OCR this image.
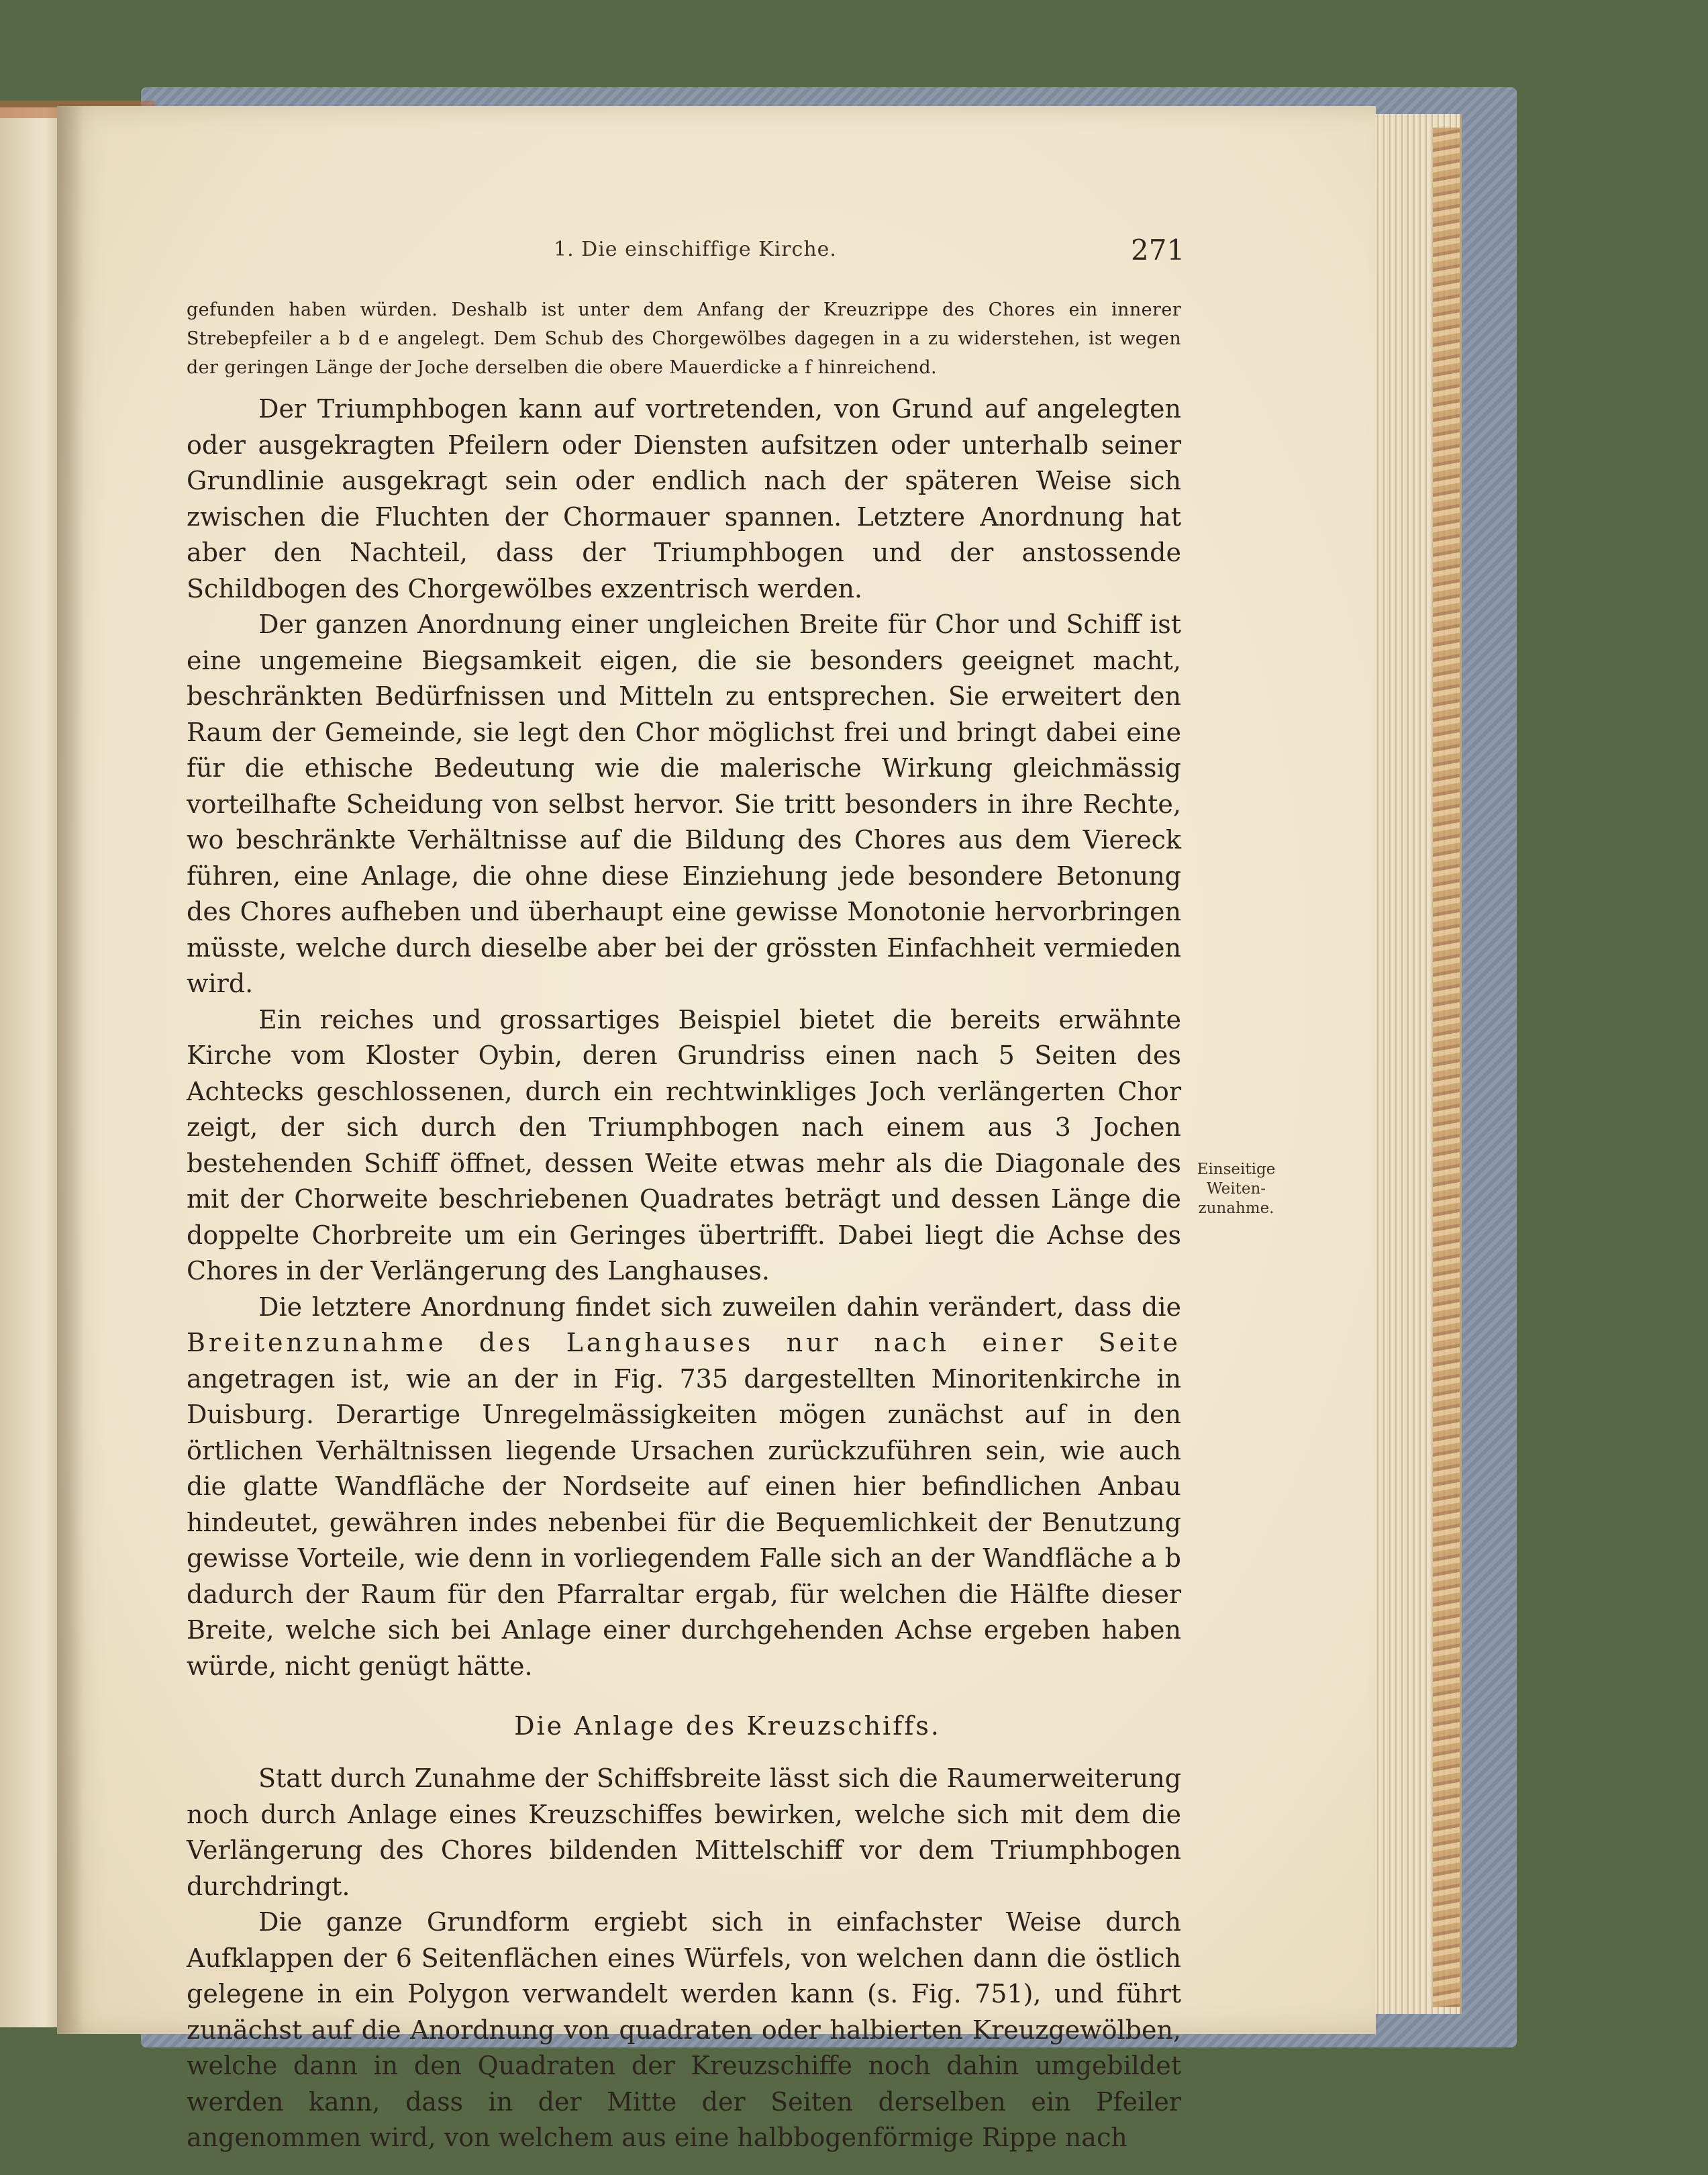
1. Die einschiffige Kirche.	271

gefunden haben würden. Deshalb ist unter dem Anfang der Kreuzrippe des Chores ein innerer Strebepfeiler a b d e angelegt. Dem Schub des Chorgewölbes dagegen in a zu widerstehen, ist wegen der geringen Länge der Joche derselben die obere Mauerdicke a f hinreichend.

Der Triumphbogen kann auf vortretenden, von Grund auf angelegten oder ausgekragten Pfeilern oder Diensten aufsitzen oder unterhalb seiner Grundlinie ausgekragt sein oder endlich nach der späteren Weise sich zwischen die Fluchten der Chormauer spannen. Letztere Anordnung hat aber den Nachteil, dass der Triumphbogen und der anstossende Schildbogen des Chorgewölbes exzentrisch werden.

Der ganzen Anordnung einer ungleichen Breite für Chor und Schiff ist eine ungemeine Biegsamkeit eigen, die sie besonders geeignet macht, beschränkten Bedürfnissen und Mitteln zu entsprechen. Sie erweitert den Raum der Gemeinde, sie legt den Chor möglichst frei und bringt dabei eine für die ethische Bedeutung wie die malerische Wirkung gleichmässig vorteilhafte Scheidung von selbst hervor. Sie tritt besonders in ihre Rechte, wo beschränkte Verhältnisse auf die Bildung des Chores aus dem Viereck führen, eine Anlage, die ohne diese Einziehung jede besondere Betonung des Chores aufheben und überhaupt eine gewisse Monotonie hervorbringen müsste, welche durch dieselbe aber bei der grössten Einfachheit vermieden wird.

Ein reiches und grossartiges Beispiel bietet die bereits erwähnte Kirche vom Kloster Oybin, deren Grundriss einen nach 5 Seiten des Achtecks geschlossenen, durch ein rechtwinkliges Joch verlängerten Chor zeigt, der sich durch den Triumphbogen nach einem aus 3 Jochen bestehenden Schiff öffnet, dessen Weite etwas mehr als die Diagonale des mit der Chorweite beschriebenen Quadrates beträgt und dessen Länge die doppelte Chorbreite um ein Geringes übertrifft. Dabei liegt die Achse des Chores in der Verlängerung des Langhauses.

Die letztere Anordnung findet sich zuweilen dahin verändert, dass die Breitenzunahme des Langhauses nur nach einer Seite angetragen ist, wie an der in Fig. 735 dargestellten Minoritenkirche in Duisburg. Derartige Unregelmässigkeiten mögen zunächst auf in den örtlichen Verhältnissen liegende Ursachen zurückzuführen sein, wie auch die glatte Wandfläche der Nordseite auf einen hier befindlichen Anbau hindeutet, gewähren indes nebenbei für die Bequemlichkeit der Benutzung gewisse Vorteile, wie denn in vorliegendem Falle sich an der Wandfläche a b dadurch der Raum für den Pfarraltar ergab, für welchen die Hälfte dieser Breite, welche sich bei Anlage einer durchgehenden Achse ergeben haben würde, nicht genügt hätte.

Die Anlage des Kreuzschiffs.

Statt durch Zunahme der Schiffsbreite lässt sich die Raumerweiterung noch durch Anlage eines Kreuzschiffes bewirken, welche sich mit dem die Verlängerung des Chores bildenden Mittelschiff vor dem Triumphbogen durchdringt.

Die ganze Grundform ergiebt sich in einfachster Weise durch Aufklappen der 6 Seitenflächen eines Würfels, von welchen dann die östlich gelegene in ein Polygon verwandelt werden kann (s. Fig. 751), und führt zunächst auf die Anordnung von quadraten oder halbierten Kreuzgewölben, welche dann in den Quadraten der Kreuzschiffe noch dahin umgebildet werden kann, dass in der Mitte der Seiten derselben ein Pfeiler angenommen wird, von welchem aus eine halbbogenförmige Rippe nach

Einseitige
Weiten-
zunahme.
